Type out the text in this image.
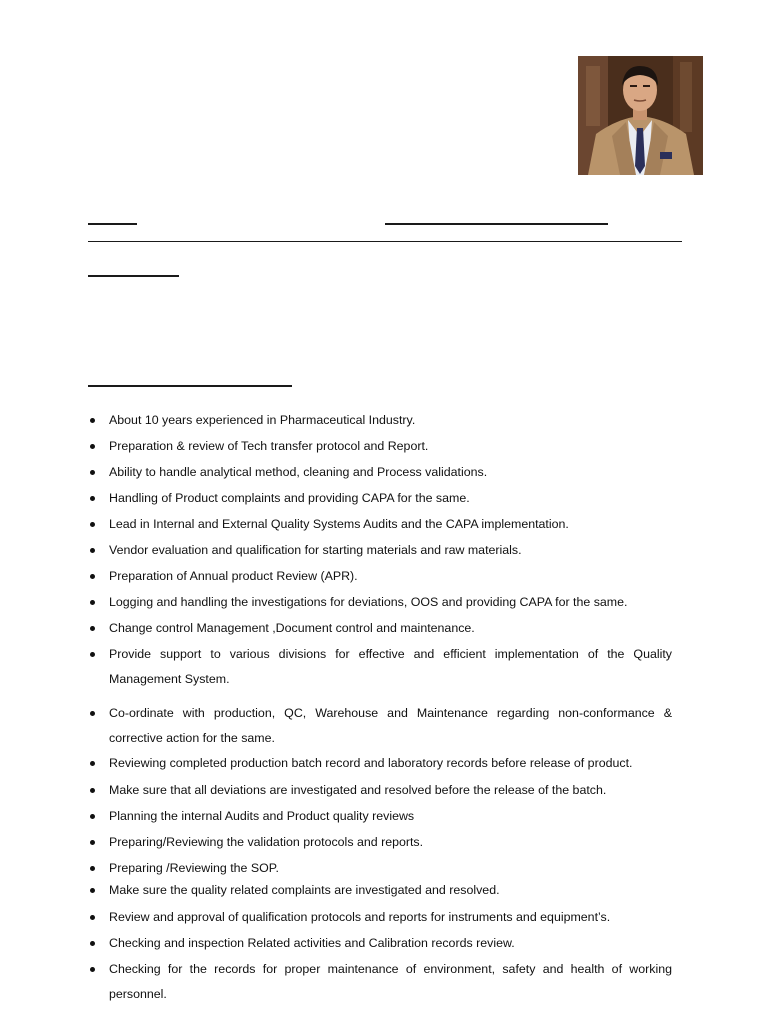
About 10 years experienced in Pharmaceutical Industry.
Preparation & review of Tech transfer protocol and Report.
Ability to handle analytical method, cleaning and Process validations.
Handling of Product complaints and providing CAPA for the same.
Lead in Internal and External Quality Systems Audits and the CAPA implementation.
Vendor evaluation and qualification for starting materials and raw materials.
Preparation of Annual product Review (APR).
Logging and handling the investigations for deviations, OOS and providing CAPA for the same.
Change control Management ,Document control and maintenance.
Provide support to various divisions for effective and efficient implementation of the Quality Management System.
Co-ordinate with production, QC, Warehouse and Maintenance regarding non-conformance & corrective action for the same.
Reviewing completed production batch record and laboratory records before release of product.
Make sure that all deviations are investigated and resolved before the release of the batch.
Planning the internal Audits and Product quality reviews
Preparing/Reviewing the validation protocols and reports.
Preparing /Reviewing the SOP.
Make sure the quality related complaints are investigated and resolved.
Review and approval of qualification protocols and reports for instruments and equipment’s.
Checking and inspection Related activities and Calibration records review.
Checking for the records for proper maintenance of environment, safety and health of working personnel.
